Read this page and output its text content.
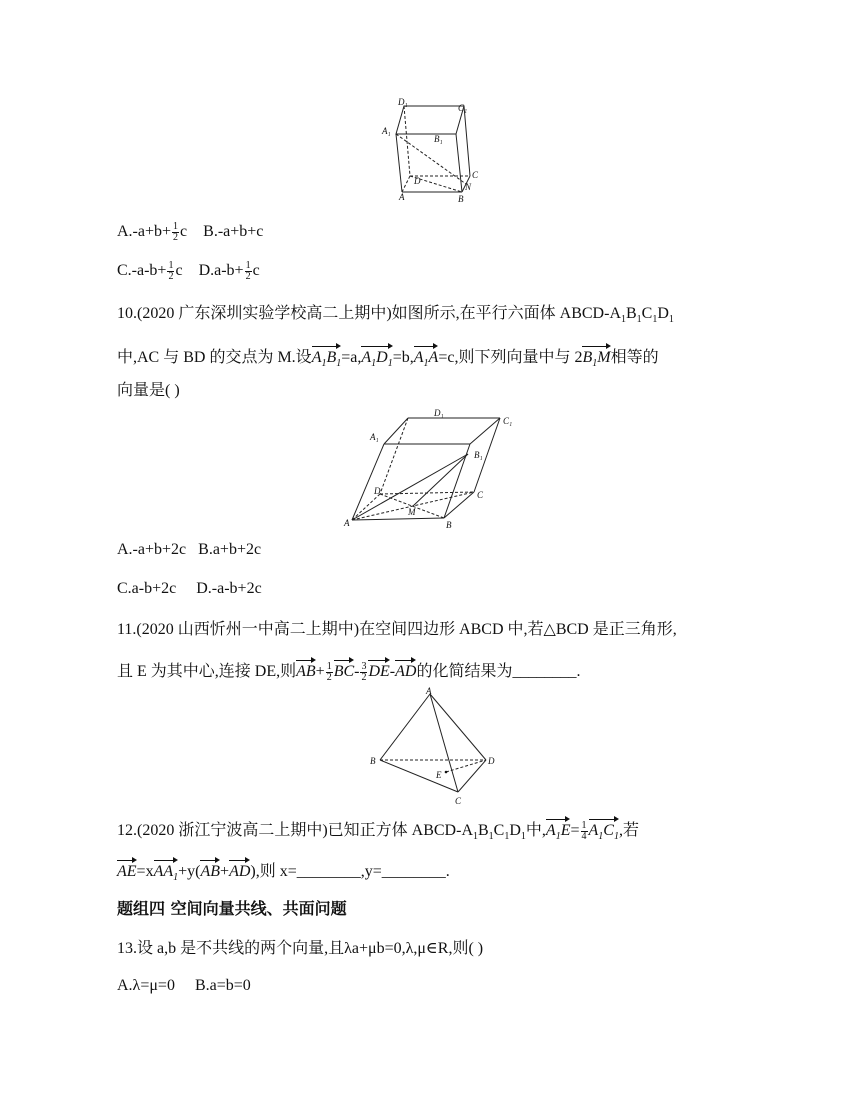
D₁
C₁
A₁
B₁
D
C
A	B
N
$A.-a+b+ \frac{1}{2}$ c B.-a+b+c
$C.-a-b+ \frac{1}{2}$ c $D.a-b+ \frac{1}{2}$ c
10.(2020 广东深圳实验学校高二上期中)如图所示,在平行六面体 ABCD-$A_1B_1C_1D_1$
中,AC 与 BD 的交点为 M.设$A_1B_1=a,A_1D_1=b,A_1A=c$,则下列向量中与 $2B_1M$相等的
向量是( )
D₁
C₁
A₁
B₁
D	C
A	B
M
A.-a+b+2c B.a+b+2c
C.a-b+2c D.-a-b+2c
11.(2020 山西忻州一中高二上期中)在空间四边形 ABCD 中,若△BCD 是正三角形,
且 E 为其中心,连接 DE,则$AB+ \frac{1}{2} BC- \frac{3}{2} DE-AD$的化简结果为________.
A
B	D
C
E
12.(2020 浙江宁波高二上期中)已知正方体 ABCD-$A_1B_1C_1D_1$中$,A_1E= \frac{1}{4} A_1C_1$,若
AE=xAA$_1$+y(AB+AD),则 x=________,y=________.
题组四 空间向量共线、共面问题
13.设 a,b 是不共线的两个向量,且λa+μb=0,λ,μ∈R,则( )
A.λ=μ=0 B.a=b=0
